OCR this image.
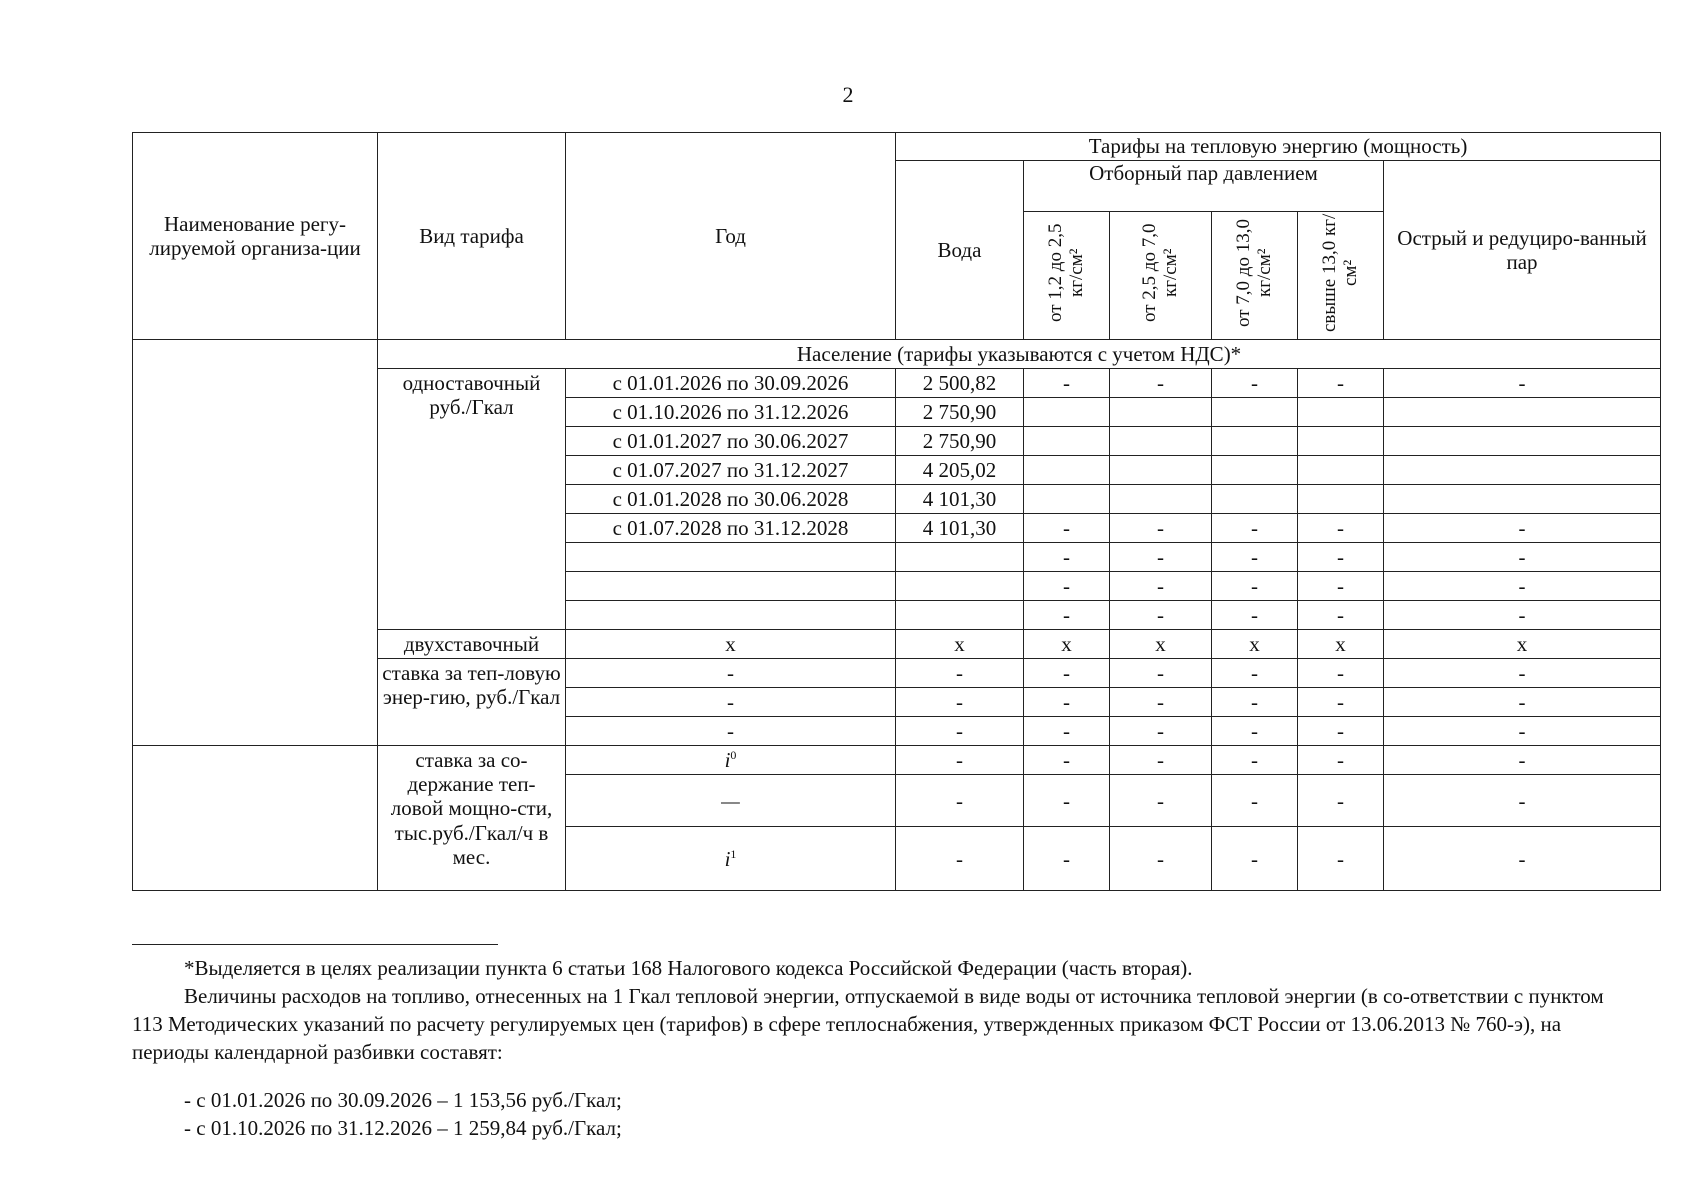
2
Наименование регу-лируемой организа-ции	Вид тарифа	Год	Тарифы на тепловую энергию (мощность)					
			Вода	Отборный пар давлением				Острый и редуциро-ванный пар
				от 1,2 до 2,5 кг/см²	от 2,5 до 7,0 кг/см²	от 7,0 до 13,0 кг/см²	свыше 13,0 кг/см²	
	Население (тарифы указываются с учетом НДС)*							
	одноставочный руб./Гкал	с 01.01.2026 по 30.09.2026	2 500,82	-	-	-	-	-
		с 01.10.2026 по 31.12.2026	2 750,90					
		с 01.01.2027 по 30.06.2027	2 750,90					
		с 01.07.2027 по 31.12.2027	4 205,02					
		с 01.01.2028 по 30.06.2028	4 101,30					
		с 01.07.2028 по 31.12.2028	4 101,30	-	-	-	-	-
				-	-	-	-	-
				-	-	-	-	-
				-	-	-	-	-
	двухставочный	x	x	x	x	x	x	x
	ставка за теп-ловую энер-гию, руб./Гкал	-	-	-	-	-	-	-
		-	-	-	-	-	-	-
		-	-	-	-	-	-	-
	ставка за со-держание теп-ловой мощно-сти, тыс.руб./Гкал/ч в мес.	$i^0$	-	-	-	-	-	-
		—	-	-	-	-	-	-
		$i^1$	-	-	-	-	-	-
*Выделяется в целях реализации пункта 6 статьи 168 Налогового кодекса Российской Федерации (часть вторая).
Величины расходов на топливо, отнесенных на 1 Гкал тепловой энергии, отпускаемой в виде воды от источника тепловой энергии (в со-ответствии с пунктом 113 Методических указаний по расчету регулируемых цен (тарифов) в сфере теплоснабжения, утвержденных приказом ФСТ России от 13.06.2013 № 760-э), на периоды календарной разбивки составят:
- с 01.01.2026 по 30.09.2026 – 1 153,56 руб./Гкал;
- с 01.10.2026 по 31.12.2026 – 1 259,84 руб./Гкал;
